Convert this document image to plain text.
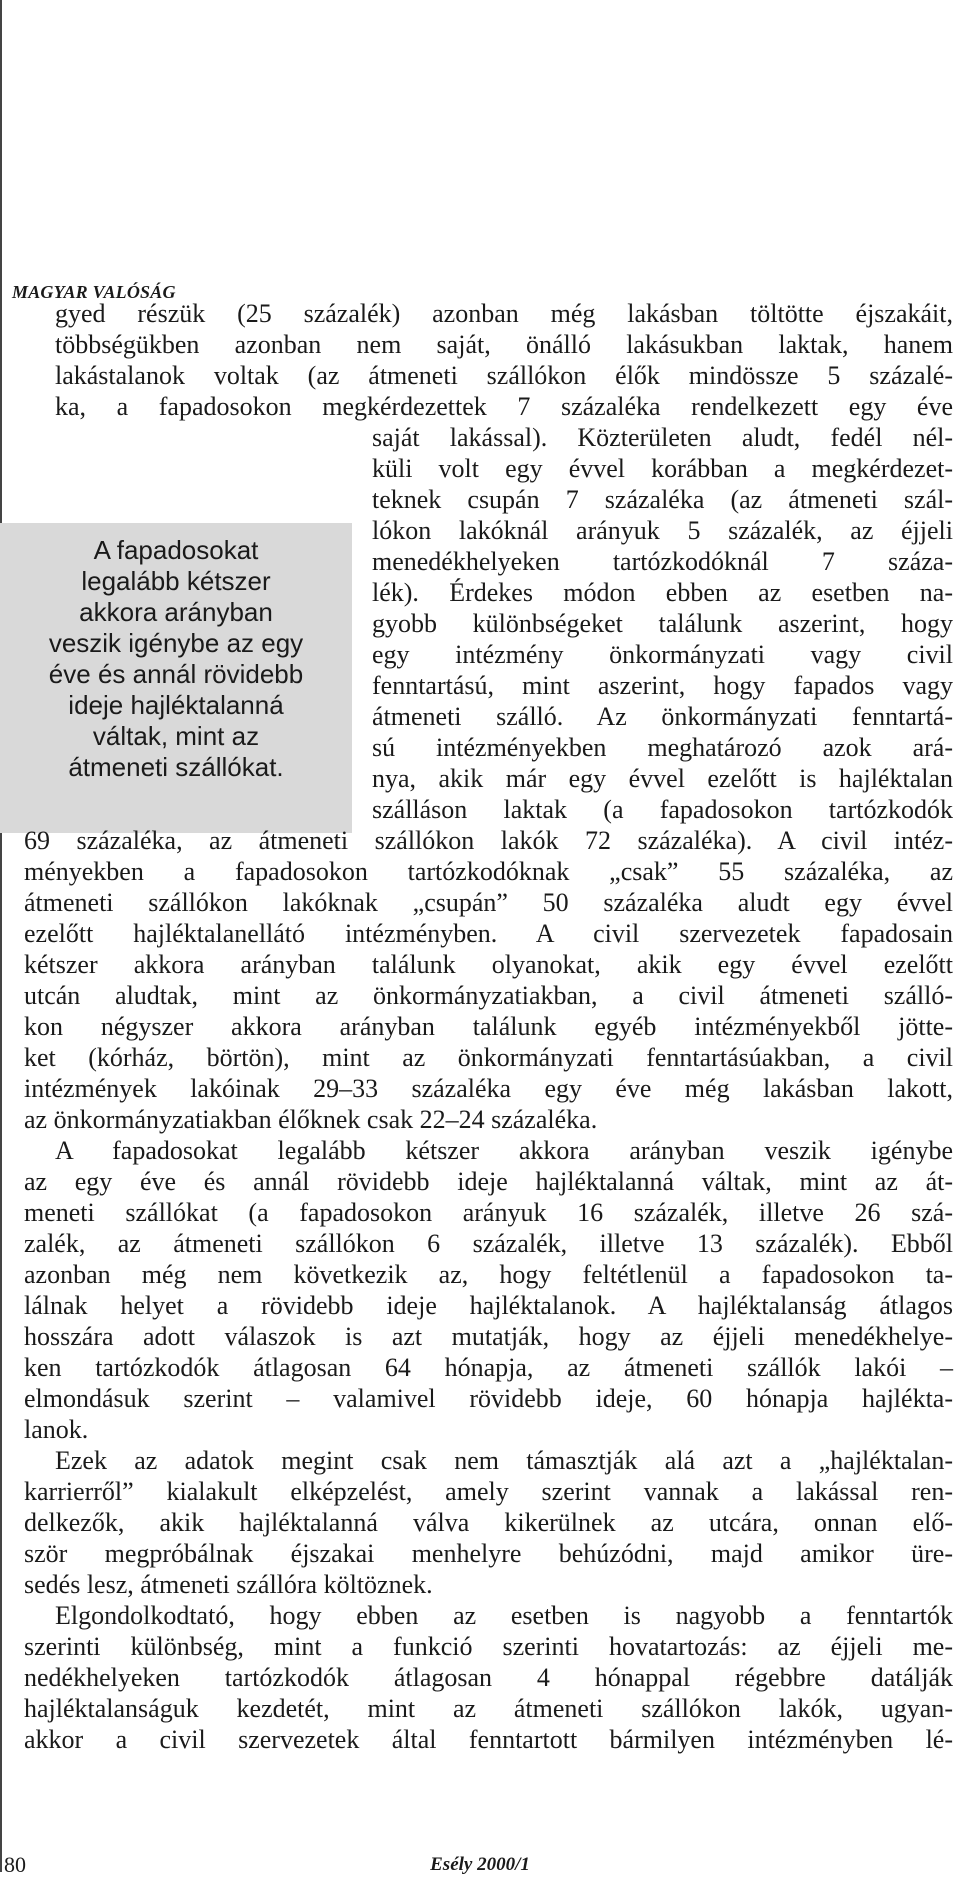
MAGYAR VALÓSÁG
gyed részük (25 százalék) azonban még lakásban töltötte éjszakáit,
többségükben azonban nem saját, önálló lakásukban laktak, hanem
lakástalanok voltak (az átmeneti szállókon élők mindössze 5 százalé-
ka, a fapadosokon megkérdezettek 7 százaléka rendelkezett egy éve
A fapadosokat
legalább kétszer
akkora arányban
veszik igénybe az egy
éve és annál rövidebb
ideje hajléktalanná
váltak, mint az
átmeneti szállókat.
saját lakással). Közterületen aludt, fedél nél-
küli volt egy évvel korábban a megkérdezet-
teknek csupán 7 százaléka (az átmeneti szál-
lókon lakóknál arányuk 5 százalék, az éjjeli
menedékhelyeken tartózkodóknál 7 száza-
lék). Érdekes módon ebben az esetben na-
gyobb különbségeket találunk aszerint, hogy
egy intézmény önkormányzati vagy civil
fenntartású, mint aszerint, hogy fapados vagy
átmeneti szálló. Az önkormányzati fenntartá-
sú intézményekben meghatározó azok ará-
nya, akik már egy évvel ezelőtt is hajléktalan
szálláson laktak (a fapadosokon tartózkodók
69 százaléka, az átmeneti szállókon lakók 72 százaléka). A civil intéz-
ményekben a fapadosokon tartózkodóknak „csak” 55 százaléka, az
átmeneti szállókon lakóknak „csupán” 50 százaléka aludt egy évvel
ezelőtt hajléktalanellátó intézményben. A civil szervezetek fapadosain
kétszer akkora arányban találunk olyanokat, akik egy évvel ezelőtt
utcán aludtak, mint az önkormányzatiakban, a civil átmeneti szálló-
kon négyszer akkora arányban találunk egyéb intézményekből jötte-
ket (kórház, börtön), mint az önkormányzati fenntartásúakban, a civil
intézmények lakóinak 29–33 százaléka egy éve még lakásban lakott,
az önkormányzatiakban élőknek csak 22–24 százaléka.
A fapadosokat legalább kétszer akkora arányban veszik igénybe
az egy éve és annál rövidebb ideje hajléktalanná váltak, mint az át-
meneti szállókat (a fapadosokon arányuk 16 százalék, illetve 26 szá-
zalék, az átmeneti szállókon 6 százalék, illetve 13 százalék). Ebből
azonban még nem következik az, hogy feltétlenül a fapadosokon ta-
lálnak helyet a rövidebb ideje hajléktalanok. A hajléktalanság átlagos
hosszára adott válaszok is azt mutatják, hogy az éjjeli menedékhelye-
ken tartózkodók átlagosan 64 hónapja, az átmeneti szállók lakói –
elmondásuk szerint – valamivel rövidebb ideje, 60 hónapja hajlékta-
lanok.
Ezek az adatok megint csak nem támasztják alá azt a „hajléktalan-
karrierről” kialakult elképzelést, amely szerint vannak a lakással ren-
delkezők, akik hajléktalanná válva kikerülnek az utcára, onnan elő-
ször megpróbálnak éjszakai menhelyre behúzódni, majd amikor üre-
sedés lesz, átmeneti szállóra költöznek.
Elgondolkodtató, hogy ebben az esetben is nagyobb a fenntartók
szerinti különbség, mint a funkció szerinti hovatartozás: az éjjeli me-
nedékhelyeken tartózkodók átlagosan 4 hónappal régebbre datálják
hajléktalanságuk kezdetét, mint az átmeneti szállókon lakók, ugyan-
akkor a civil szervezetek által fenntartott bármilyen intézményben lé-
80	Esély 2000/1
